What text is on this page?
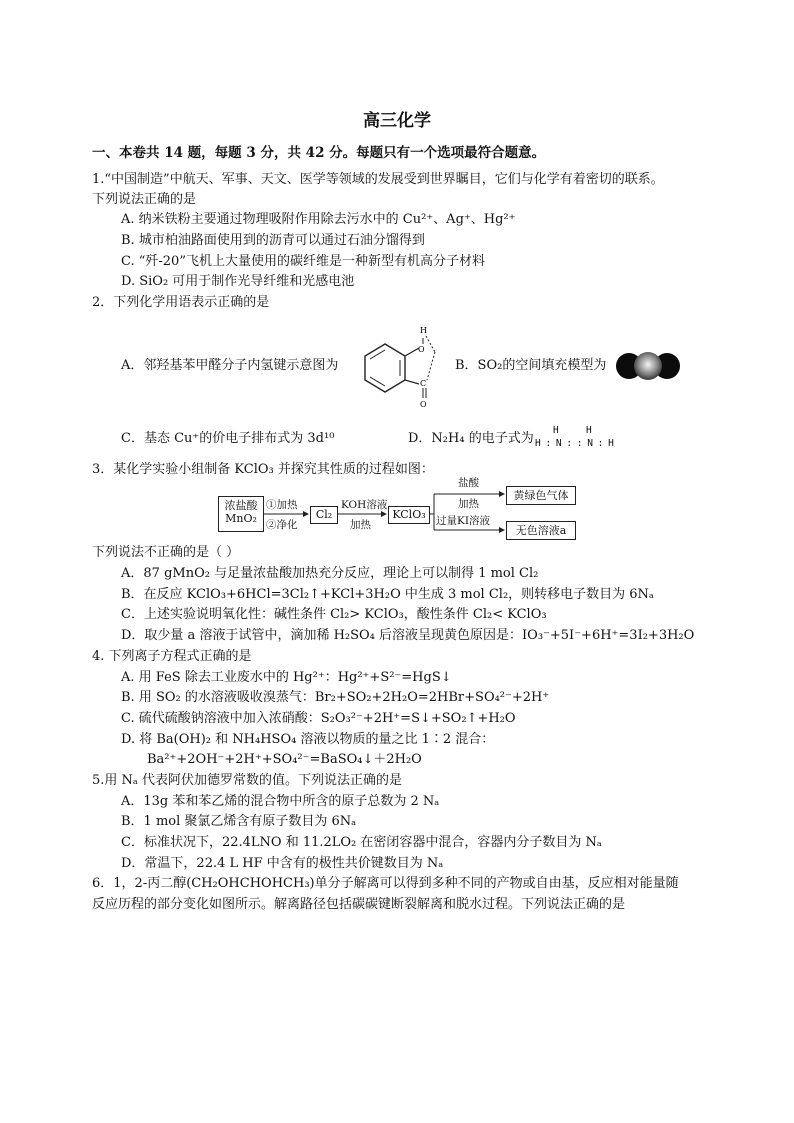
高三化学
一、本卷共 14 题，每题 3 分，共 42 分。每题只有一个选项最符合题意。
1.“中国制造”中航天、军事、天文、医学等领域的发展受到世界瞩目，它们与化学有着密切的联系。
下列说法正确的是
A. 纳米铁粉主要通过物理吸附作用除去污水中的 Cu²⁺、Ag⁺、Hg²⁺
B. 城市柏油路面使用到的沥青可以通过石油分馏得到
C. “歼-20”飞机上大量使用的碳纤维是一种新型有机高分子材料
D. SiO₂ 可用于制作光导纤维和光感电池
2．下列化学用语表示正确的是
A．邻羟基苯甲醛分子内氢键示意图为
H
O
C
O
B．SO₂的空间填充模型为
C．基态 Cu⁺的价电子排布式为 3d¹⁰	D．N₂H₄ 的电子式为
H	H
H : N : : N : H
3．某化学实验小组制备 KClO₃ 并探究其性质的过程如图：
浓盐酸
MnO₂
①加热
②净化
Cl₂
KOH溶液
加热
KClO₃
盐酸
加热
黄绿色气体
过量KI溶液
无色溶液a
下列说法不正确的是（ ）
A．87 gMnO₂ 与足量浓盐酸加热充分反应，理论上可以制得 1 mol Cl₂
B．在反应 KClO₃+6HCl=3Cl₂↑+KCl+3H₂O 中生成 3 mol Cl₂，则转移电子数目为 6Nₐ
C．上述实验说明氧化性：碱性条件 Cl₂> KClO₃，酸性条件 Cl₂< KClO₃
D．取少量 a 溶液于试管中，滴加稀 H₂SO₄ 后溶液呈现黄色原因是：IO₃⁻+5I⁻+6H⁺=3I₂+3H₂O
4. 下列离子方程式正确的是
A. 用 FeS 除去工业废水中的 Hg²⁺：Hg²⁺+S²⁻=HgS↓
B. 用 SO₂ 的水溶液吸收溴蒸气：Br₂+SO₂+2H₂O=2HBr+SO₄²⁻+2H⁺
C. 硫代硫酸钠溶液中加入浓硝酸：S₂O₃²⁻+2H⁺=S↓+SO₂↑+H₂O
D. 将 Ba(OH)₂ 和 NH₄HSO₄ 溶液以物质的量之比 1∶2 混合：
Ba²⁺+2OH⁻+2H⁺+SO₄²⁻=BaSO₄↓＋2H₂O
5.用 Nₐ 代表阿伏加德罗常数的值。下列说法正确的是
A．13g 苯和苯乙烯的混合物中所含的原子总数为 2 Nₐ
B．1 mol 聚氯乙烯含有原子数目为 6Nₐ
C．标准状况下，22.4LNO 和 11.2LO₂ 在密闭容器中混合，容器内分子数目为 Nₐ
D．常温下，22.4 L HF 中含有的极性共价键数目为 Nₐ
6．1，2-丙二醇(CH₂OHCHOHCH₃)单分子解离可以得到多种不同的产物或自由基，反应相对能量随
反应历程的部分变化如图所示。解离路径包括碳碳键断裂解离和脱水过程。下列说法正确的是
